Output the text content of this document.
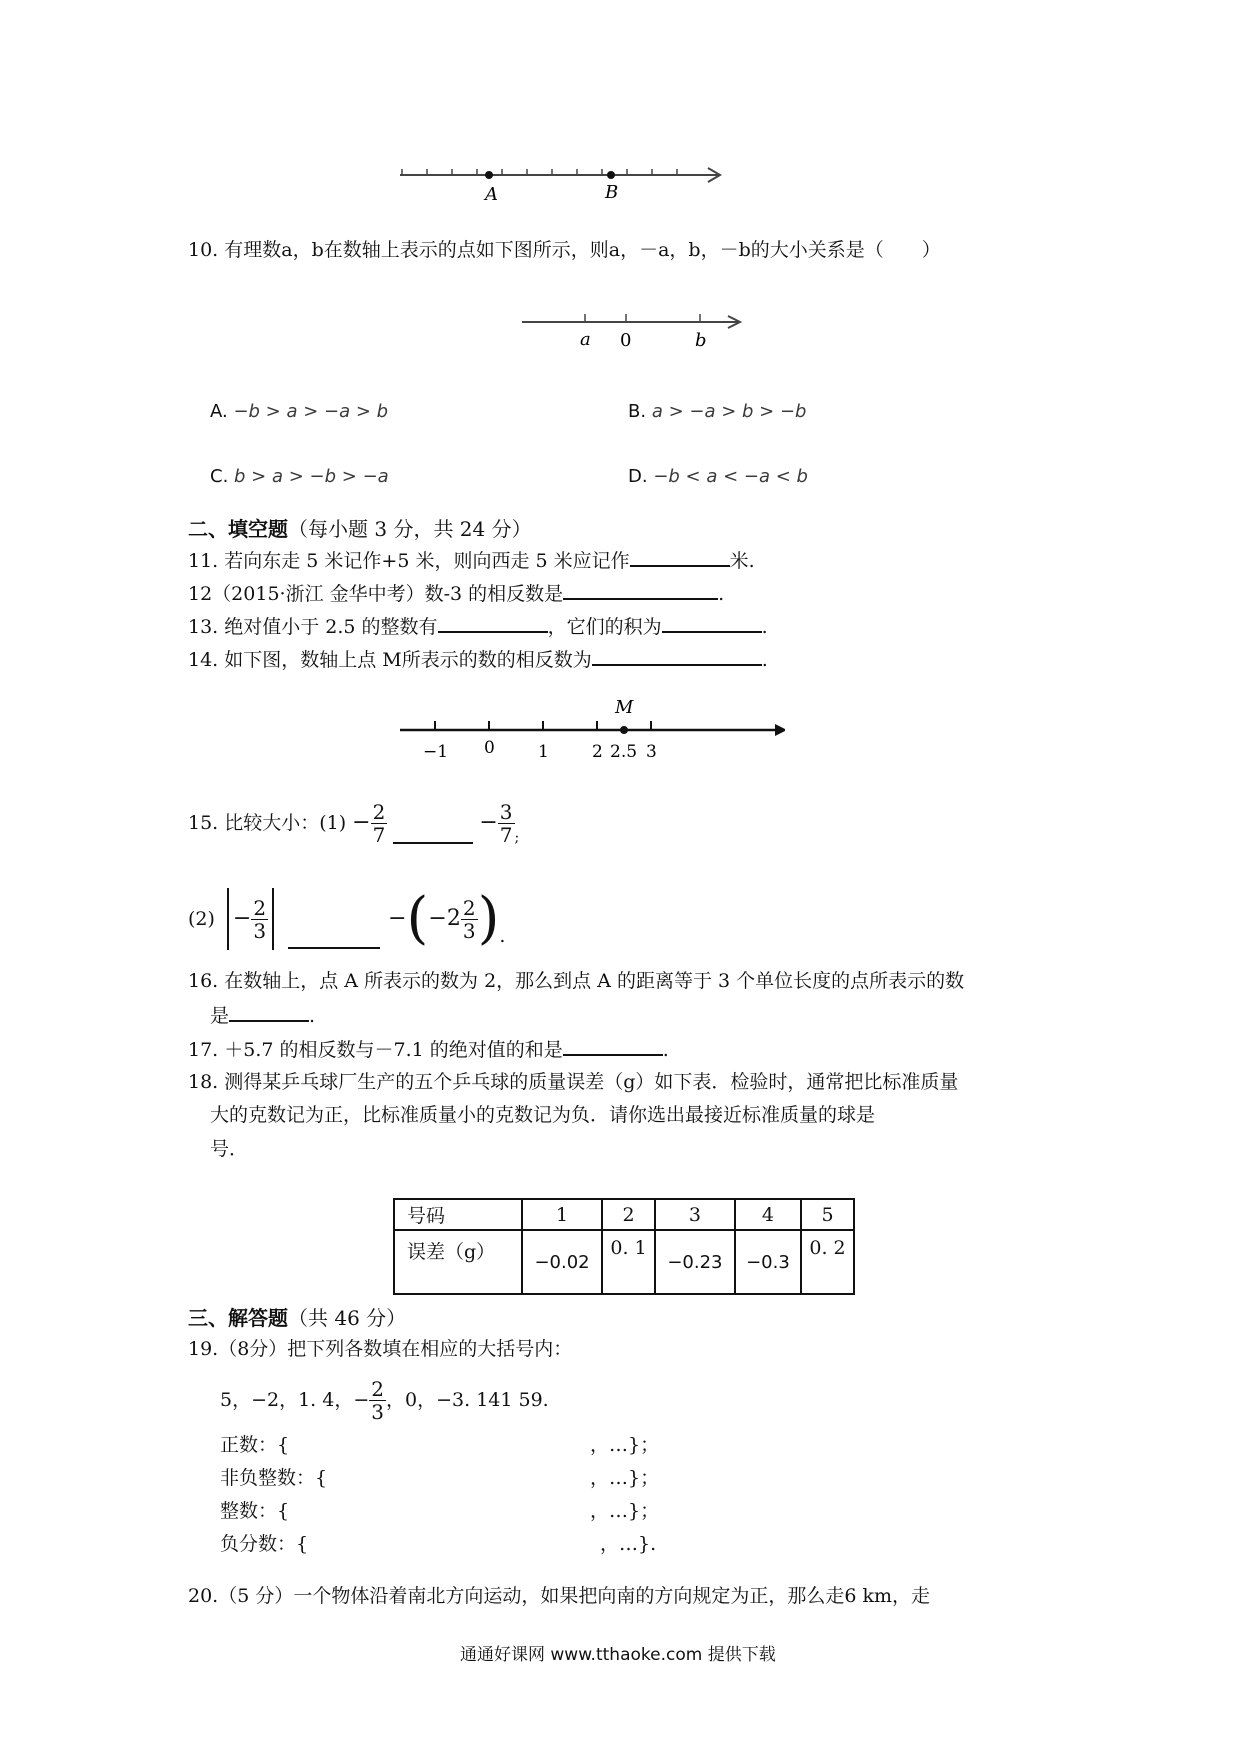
A	B
10. 有理数a，b在数轴上表示的点如下图所示，则a，－a，b，－b的大小关系是（　　）
a 0	b
A. −b > a > −a > b	B. a > −a > b > −b
C. b > a > −b > −a	D. −b < a < −a < b
二、填空题（每小题 3 分，共 24 分）
11. 若向东走 5 米记作+5 米，则向西走 5 米应记作	米.
12（2015·浙江 金华中考）数-3 的相反数是	.
13. 绝对值小于 2.5 的整数有	，它们的积为	.
14. 如下图，数轴上点 M所表示的数的相反数为	.
M
−1 0	1	2 2.5 3
15. 比较大小：$(1) - \frac{2}{7}$	− $\frac{3}{7}$ ;
$(2) - \frac{2}{3}$	− ( $-2 \frac{2}{3}$ ) .
16. 在数轴上，点 A 所表示的数为 2，那么到点 A 的距离等于 3 个单位长度的点所表示的数
是	.
17. ＋5.7 的相反数与－7.1 的绝对值的和是	.
18. 测得某乒乓球厂生产的五个乒乓球的质量误差（g）如下表．检验时，通常把比标准质量
大的克数记为正，比标准质量小的克数记为负．请你选出最接近标准质量的球是
号．
号码	1	2	3	4	5
误差（g）	−0.02	0. 1	−0.23	−0.3	0. 2
三、解答题（共 46 分）
19.（8分）把下列各数填在相应的大括号内：
5，−2，1. 4，− $\frac{2}{3}$ ，0，−3. 141 59.
正数：{	，…}；
非负整数：{	，…}；
整数：{	，…}；
负分数：{	，…}.
20.（5 分）一个物体沿着南北方向运动，如果把向南的方向规定为正，那么走6 km，走
通通好课网 www.tthaoke.com 提供下载
